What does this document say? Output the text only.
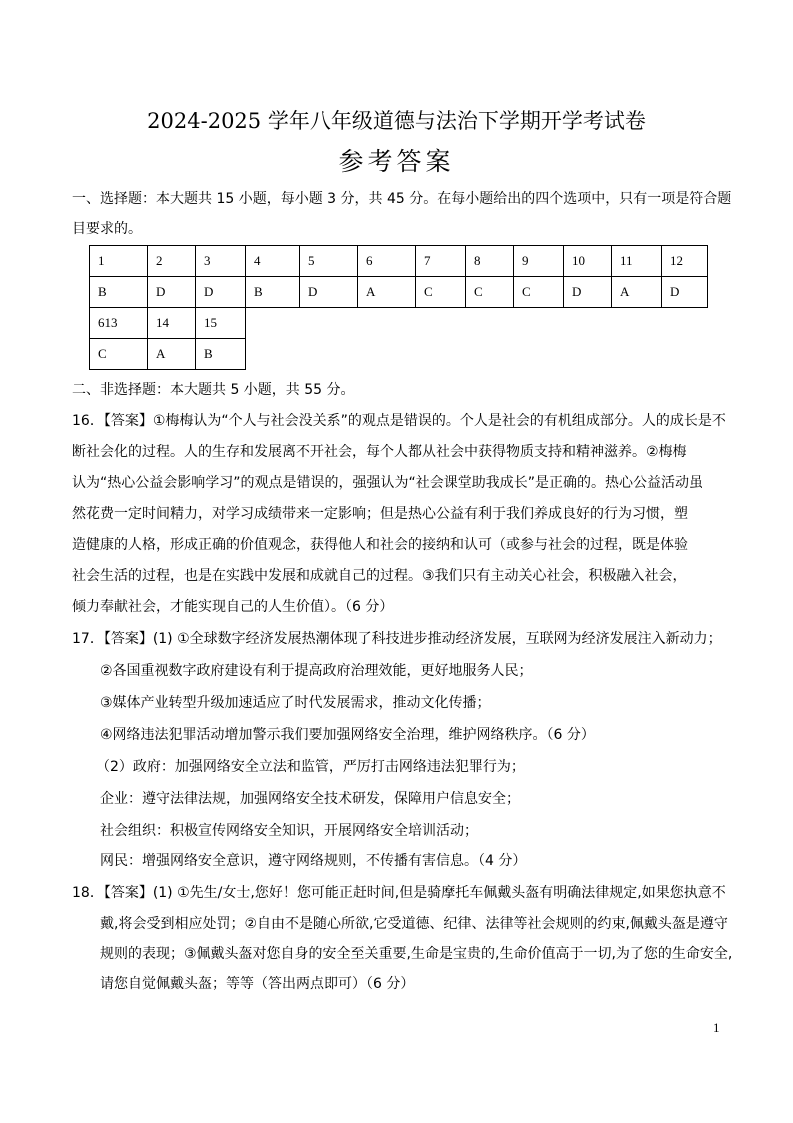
2024-2025 学年八年级道德与法治下学期开学考试卷
参考答案
一、选择题：本大题共 15 小题，每小题 3 分，共 45 分。在每小题给出的四个选项中，只有一项是符合题
目要求的。
1	2	3	4	5	6	7	8	9	10	11	12
B	D	D	B	D	A	C	C	C	D	A	D
613	14	15									
C	A	B									
二、非选择题：本大题共 5 小题，共 55 分。
16．【答案】①梅梅认为“个人与社会没关系”的观点是错误的。个人是社会的有机组成部分。人的成长是不
断社会化的过程。人的生存和发展离不开社会，每个人都从社会中获得物质支持和精神滋养。②梅梅
认为“热心公益会影响学习”的观点是错误的，强强认为“社会课堂助我成长”是正确的。热心公益活动虽
然花费一定时间精力，对学习成绩带来一定影响；但是热心公益有利于我们养成良好的行为习惯，塑
造健康的人格，形成正确的价值观念，获得他人和社会的接纳和认可（或参与社会的过程，既是体验
社会生活的过程，也是在实践中发展和成就自己的过程。③我们只有主动关心社会，积极融入社会，
倾力奉献社会，才能实现自己的人生价值）。（6 分）
17．【答案】(1) ①全球数字经济发展热潮体现了科技进步推动经济发展，互联网为经济发展注入新动力；
②各国重视数字政府建设有利于提高政府治理效能，更好地服务人民；
③媒体产业转型升级加速适应了时代发展需求，推动文化传播；
④网络违法犯罪活动增加警示我们要加强网络安全治理，维护网络秩序。（6 分）
（2）政府：加强网络安全立法和监管，严厉打击网络违法犯罪行为；
企业：遵守法律法规，加强网络安全技术研发，保障用户信息安全；
社会组织：积极宣传网络安全知识，开展网络安全培训活动；
网民：增强网络安全意识，遵守网络规则，不传播有害信息。（4 分）
18．【答案】(1) ①先生/女士,您好！您可能正赶时间,但是骑摩托车佩戴头盔有明确法律规定,如果您执意不
戴,将会受到相应处罚；②自由不是随心所欲,它受道德、纪律、法律等社会规则的约束,佩戴头盔是遵守
规则的表现；③佩戴头盔对您自身的安全至关重要,生命是宝贵的,生命价值高于一切,为了您的生命安全,
请您自觉佩戴头盔；等等（答出两点即可）（6 分）
1
